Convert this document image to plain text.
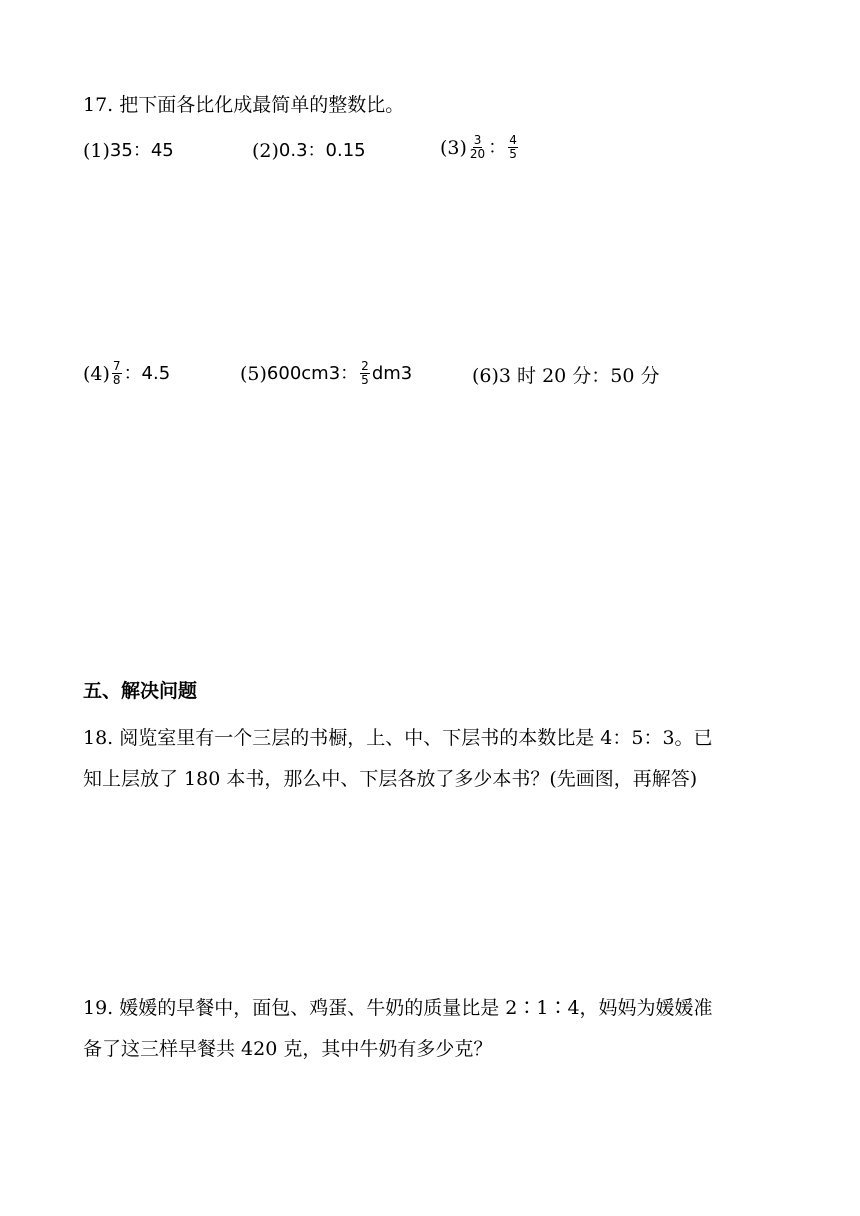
17. 把下面各比化成最简单的整数比。
(1) 35：45	(2) 0.3：0.15	$(3) \frac{3}{20}$ ： $\frac{4}{5}$
$(4) \frac{7}{8}$ ：4.5	(5) 600cm 3 ： $\frac{2}{5}$ dm 3	(6) 3 时 20 分：50 分
五、解决问题
18. 阅览室里有一个三层的书橱，上、中、下层书的本数比是 4：5：3。已
知上层放了 180 本书，那么中、下层各放了多少本书？(先画图，再解答)
19. 媛媛的早餐中，面包、鸡蛋、牛奶的质量比是 2∶1∶4，妈妈为媛媛准
备了这三样早餐共 420 克，其中牛奶有多少克？
